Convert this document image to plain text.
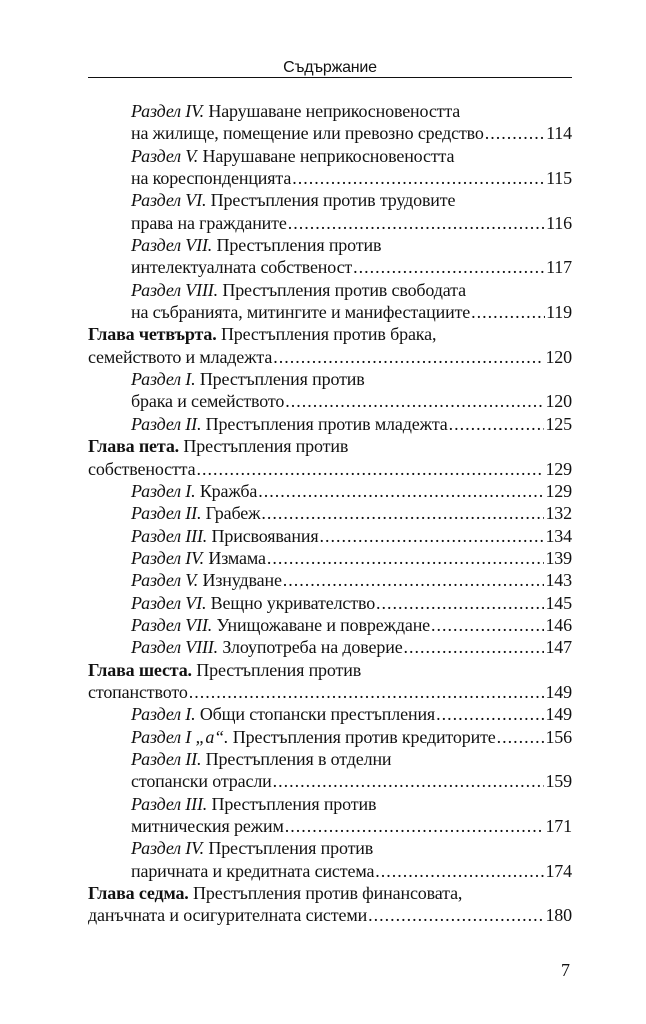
Съдържание
Раздел IV.
Нарушаване неприкосновеността
на жилище, помещение или превозно средство .....	114
Раздел V.
Нарушаване неприкосновеността
на кореспонденцията .....	115
Раздел VI.
Престъпления против трудовите
права на гражданите .....	116
Раздел VII.
Престъпления против
интелектуалната собственост .....	117
Раздел VIII.
Престъпления против свободата
на събранията, митингите и манифестациите .....	119
Глава четвърта.
Престъпления против брака,
семейството и младежта .....	120
Раздел I.
Престъпления против
брака и семейството .....	120
Раздел II.
Престъпления против младежта .....	125
Глава пета.
Престъпления против
собствеността .....	129
Раздел I.
Кражба .....	129
Раздел II.
Грабеж .....	132
Раздел III.
Присвоявания .....	134
Раздел IV.
Измама .....	139
Раздел V.
Изнудване .....	143
Раздел VI.
Вещно укривателство .....	145
Раздел VII.
Унищожаване и повреждане .....	146
Раздел VIII.
Злоупотреба на доверие .....	147
Глава шеста.
Престъпления против
стопанството .....	149
Раздел I.
Общи стопански престъпления .....	149
Раздел I „а“.
Престъпления против кредиторите .....	156
Раздел II.
Престъпления в отделни
стопански отрасли .....	159
Раздел III.
Престъпления против
митническия режим .....	171
Раздел IV.
Престъпления против
паричната и кредитната система .....	174
Глава седма.
Престъпления против финансовата,
данъчната и осигурителната системи .....	180
7
